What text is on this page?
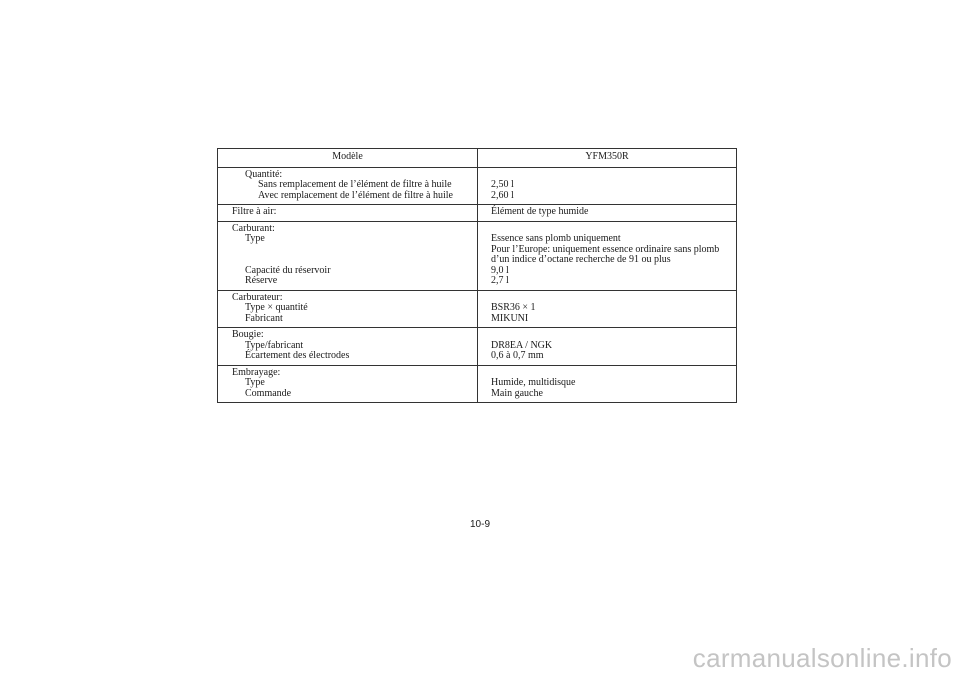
Modèle	YFM350R
Quantité:
Sans remplacement de l’élément de filtre à huile
Avec remplacement de l’élément de filtre à huile
2,50 l
2,60 l
Filtre à air:	Élément de type humide
Carburant:
Type
Capacité du réservoir
Réserve
Essence sans plomb uniquement
Pour l’Europe: uniquement essence ordinaire sans plomb d’un indice d’octane recherche de 91 ou plus
9,0 l
2,7 l
Carburateur:
Type × quantité
Fabricant
BSR36 × 1
MIKUNI
Bougie:
Type/fabricant
Écartement des électrodes
DR8EA / NGK
0,6 à 0,7 mm
Embrayage:
Type
Commande
Humide, multidisque
Main gauche
10-9
carmanualsonline.info
